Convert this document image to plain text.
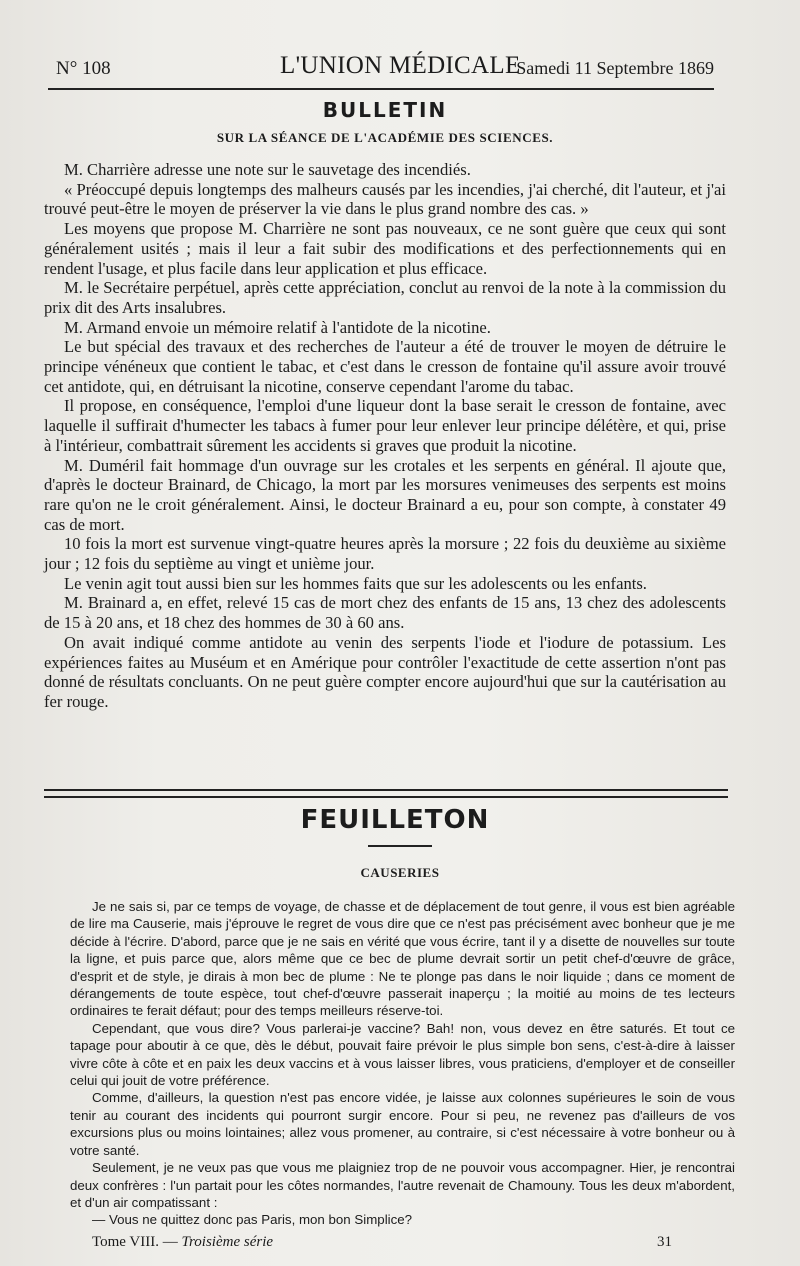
N° 108	L'UNION MÉDICALE
Samedi 11 Septembre 1869
BULLETIN
SUR LA SÉANCE DE L'ACADÉMIE DES SCIENCES.

M. Charrière adresse une note sur le sauvetage des incendiés.

« Préoccupé depuis longtemps des malheurs causés par les incendies, j'ai cherché, dit l'auteur, et j'ai trouvé peut-être le moyen de préserver la vie dans le plus grand nombre des cas. »

Les moyens que propose M. Charrière ne sont pas nouveaux, ce ne sont guère que ceux qui sont généralement usités ; mais il leur a fait subir des modifications et des perfectionnements qui en rendent l'usage, et plus facile dans leur application et plus efficace.

M. le Secrétaire perpétuel, après cette appréciation, conclut au renvoi de la note à la commission du prix dit des Arts insalubres.

M. Armand envoie un mémoire relatif à l'antidote de la nicotine.

Le but spécial des travaux et des recherches de l'auteur a été de trouver le moyen de détruire le principe vénéneux que contient le tabac, et c'est dans le cresson de fontaine qu'il assure avoir trouvé cet antidote, qui, en détruisant la nicotine, conserve cependant l'arome du tabac.

Il propose, en conséquence, l'emploi d'une liqueur dont la base serait le cresson de fontaine, avec laquelle il suffirait d'humecter les tabacs à fumer pour leur enlever leur principe délétère, et qui, prise à l'intérieur, combattrait sûrement les accidents si graves que produit la nicotine.

M. Duméril fait hommage d'un ouvrage sur les crotales et les serpents en général. Il ajoute que, d'après le docteur Brainard, de Chicago, la mort par les morsures venimeuses des serpents est moins rare qu'on ne le croit généralement. Ainsi, le docteur Brainard a eu, pour son compte, à constater 49 cas de mort.

10 fois la mort est survenue vingt-quatre heures après la morsure ; 22 fois du deuxième au sixième jour ; 12 fois du septième au vingt et unième jour.

Le venin agit tout aussi bien sur les hommes faits que sur les adolescents ou les enfants.

M. Brainard a, en effet, relevé 15 cas de mort chez des enfants de 15 ans, 13 chez des adolescents de 15 à 20 ans, et 18 chez des hommes de 30 à 60 ans.

On avait indiqué comme antidote au venin des serpents l'iode et l'iodure de potassium. Les expériences faites au Muséum et en Amérique pour contrôler l'exactitude de cette assertion n'ont pas donné de résultats concluants. On ne peut guère compter encore aujourd'hui que sur la cautérisation au fer rouge.

FEUILLETON
CAUSERIES

Je ne sais si, par ce temps de voyage, de chasse et de déplacement de tout genre, il vous est bien agréable de lire ma Causerie, mais j'éprouve le regret de vous dire que ce n'est pas précisément avec bonheur que je me décide à l'écrire. D'abord, parce que je ne sais en vérité que vous écrire, tant il y a disette de nouvelles sur toute la ligne, et puis parce que, alors même que ce bec de plume devrait sortir un petit chef-d'œuvre de grâce, d'esprit et de style, je dirais à mon bec de plume : Ne te plonge pas dans le noir liquide ; dans ce moment de dérangements de toute espèce, tout chef-d'œuvre passerait inaperçu ; la moitié au moins de tes lecteurs ordinaires te ferait défaut; pour des temps meilleurs réserve-toi.

Cependant, que vous dire? Vous parlerai-je vaccine? Bah! non, vous devez en être saturés. Et tout ce tapage pour aboutir à ce que, dès le début, pouvait faire prévoir le plus simple bon sens, c'est-à-dire à laisser vivre côte à côte et en paix les deux vaccins et à vous laisser libres, vous praticiens, d'employer et de conseiller celui qui jouit de votre préférence.

Comme, d'ailleurs, la question n'est pas encore vidée, je laisse aux colonnes supérieures le soin de vous tenir au courant des incidents qui pourront surgir encore. Pour si peu, ne revenez pas d'ailleurs de vos excursions plus ou moins lointaines; allez vous promener, au contraire, si c'est nécessaire à votre bonheur ou à votre santé.

Seulement, je ne veux pas que vous me plaigniez trop de ne pouvoir vous accompagner. Hier, je rencontrai deux confrères : l'un partait pour les côtes normandes, l'autre revenait de Chamouny. Tous les deux m'abordent, et d'un air compatissant :

— Vous ne quittez donc pas Paris, mon bon Simplice?

Tome VIII. — Troisième série	31
